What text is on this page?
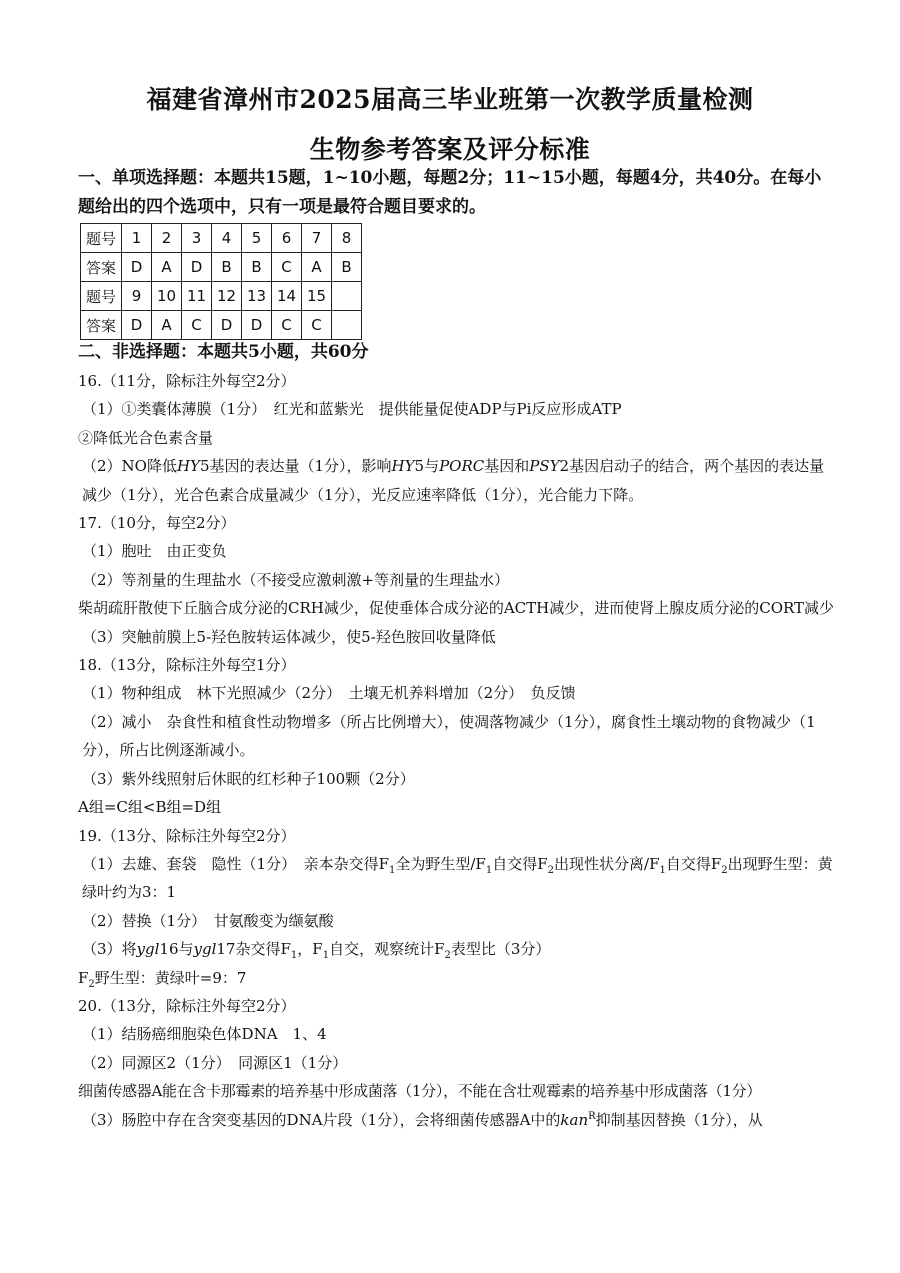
福建省漳州市2025届高三毕业班第一次教学质量检测
生物参考答案及评分标准
一、单项选择题：本题共15题，1~10小题，每题2分；11~15小题，每题4分，共40分。在每小题给出的四个选项中，只有一项是最符合题目要求的。
题号	1	2	3	4	5	6	7	8
答案	D	A	D	B	B	C	A	B
题号	9	10	11	12	13	14	15	
答案	D	A	C	D	D	C	C	
二、非选择题：本题共5小题，共60分

16.（11分，除标注外每空2分）

（1）①类囊体薄膜（1分）　红光和蓝紫光　提供能量促使ADP与Pi反应形成ATP

②降低光合色素含量

（2）NO降低HY5基因的表达量（1分），影响HY5与PORC基因和PSY2基因启动子的结合，两个基因的表达量减少（1分），光合色素合成量减少（1分），光反应速率降低（1分），光合能力下降。

17.（10分，每空2分）

（1）胞吐　由正变负

（2）等剂量的生理盐水（不接受应激刺激+等剂量的生理盐水）

柴胡疏肝散使下丘脑合成分泌的CRH减少，促使垂体合成分泌的ACTH减少，进而使肾上腺皮质分泌的CORT减少

（3）突触前膜上5-羟色胺转运体减少，使5-羟色胺回收量降低

18.（13分，除标注外每空1分）

（1）物种组成　林下光照减少（2分）　土壤无机养料增加（2分）　负反馈

（2）减小　杂食性和植食性动物增多（所占比例增大），使凋落物减少（1分），腐食性土壤动物的食物减少（1分），所占比例逐渐减小。

（3）紫外线照射后休眠的红杉种子100颗（2分）

A组=C组<B组=D组

19.（13分、除标注外每空2分）

（1）去雄、套袋　隐性（1分）　亲本杂交得$F_1$全为野生型$/F_1$自交得$F_2$出现性状分离$/F_1$自交得$F_2$出现野生型：黄绿叶约为3：1

（2）替换（1分）　甘氨酸变为缬氨酸

（3）将ygl16与ygl17杂交得$F_1$，$F_1$自交，观察统计$F_2$表型比（3分）

$F_2$野生型：黄绿叶=9：7

20.（13分，除标注外每空2分）

（1）结肠癌细胞染色体DNA　1、4

（2）同源区2（1分）　同源区1（1分）

细菌传感器A能在含卡那霉素的培养基中形成菌落（1分），不能在含壮观霉素的培养基中形成菌落（1分）

（3）肠腔中存在含突变基因的DNA片段（1分），会将细菌传感器A中的kan$^R$抑制基因替换（1分），从
